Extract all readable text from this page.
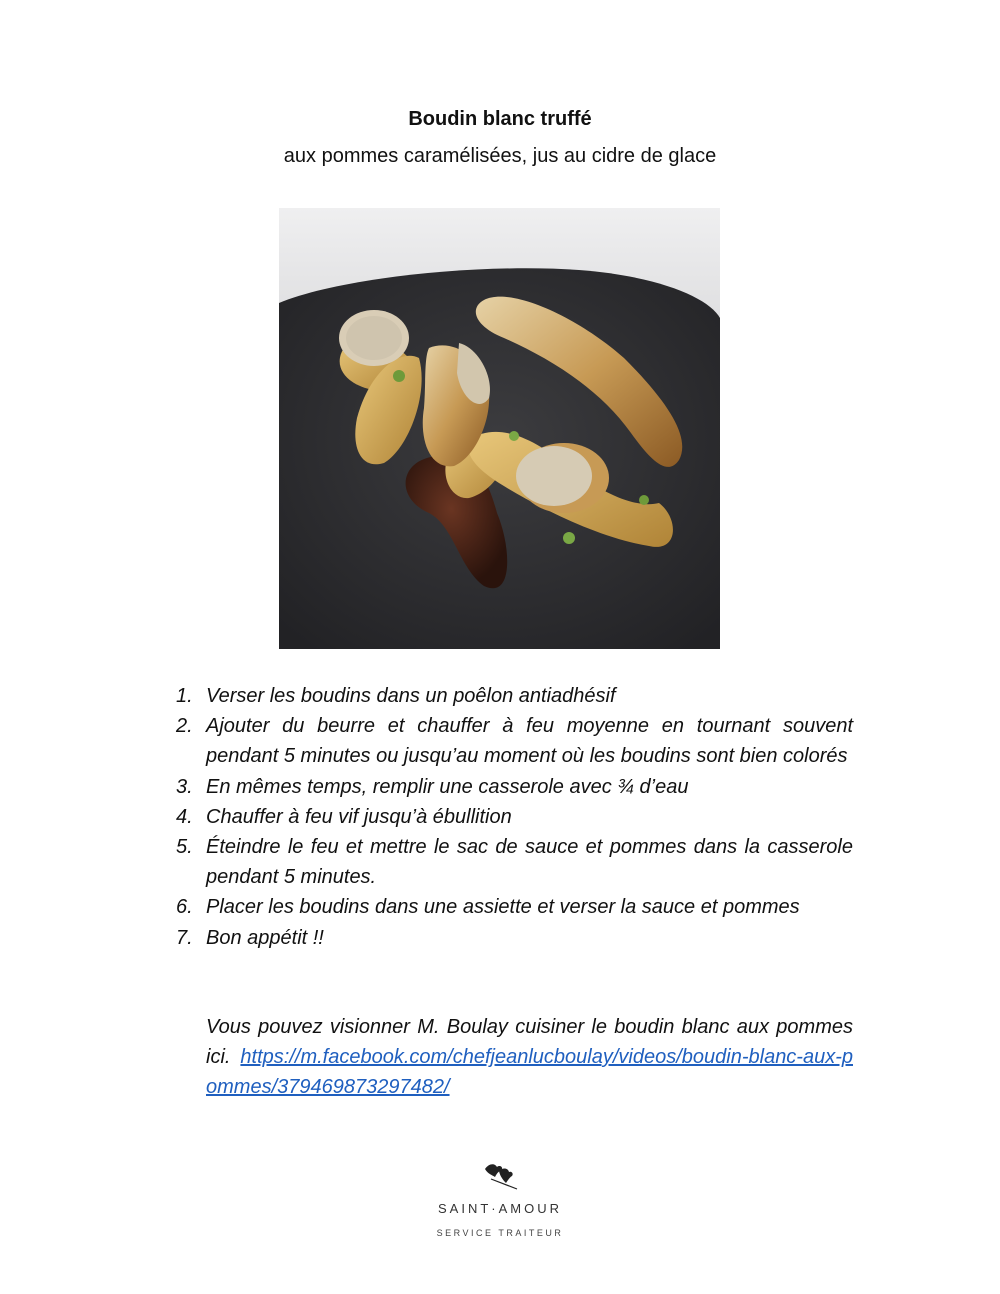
Boudin blanc truffé
aux pommes caramélisées, jus au cidre de glace
1. Verser les boudins dans un poêlon antiadhésif
2. Ajouter du beurre et chauffer à feu moyenne en tournant souvent pendant 5 minutes ou jusqu’au moment où les boudins sont bien colorés
3. En mêmes temps, remplir une casserole avec ¾ d’eau
4. Chauffer à feu vif jusqu’à ébullition
5. Éteindre le feu et mettre le sac de sauce et pommes dans la casserole pendant 5 minutes.
6. Placer les boudins dans une assiette et verser la sauce et pommes
7. Bon appétit !!

Vous pouvez visionner M. Boulay cuisiner le boudin blanc aux pommes ici. https://m.facebook.com/chefjeanlucboulay/videos/boudin-blanc-aux-pommes/379469873297482/

SAINT·AMOUR
SERVICE TRAITEUR
